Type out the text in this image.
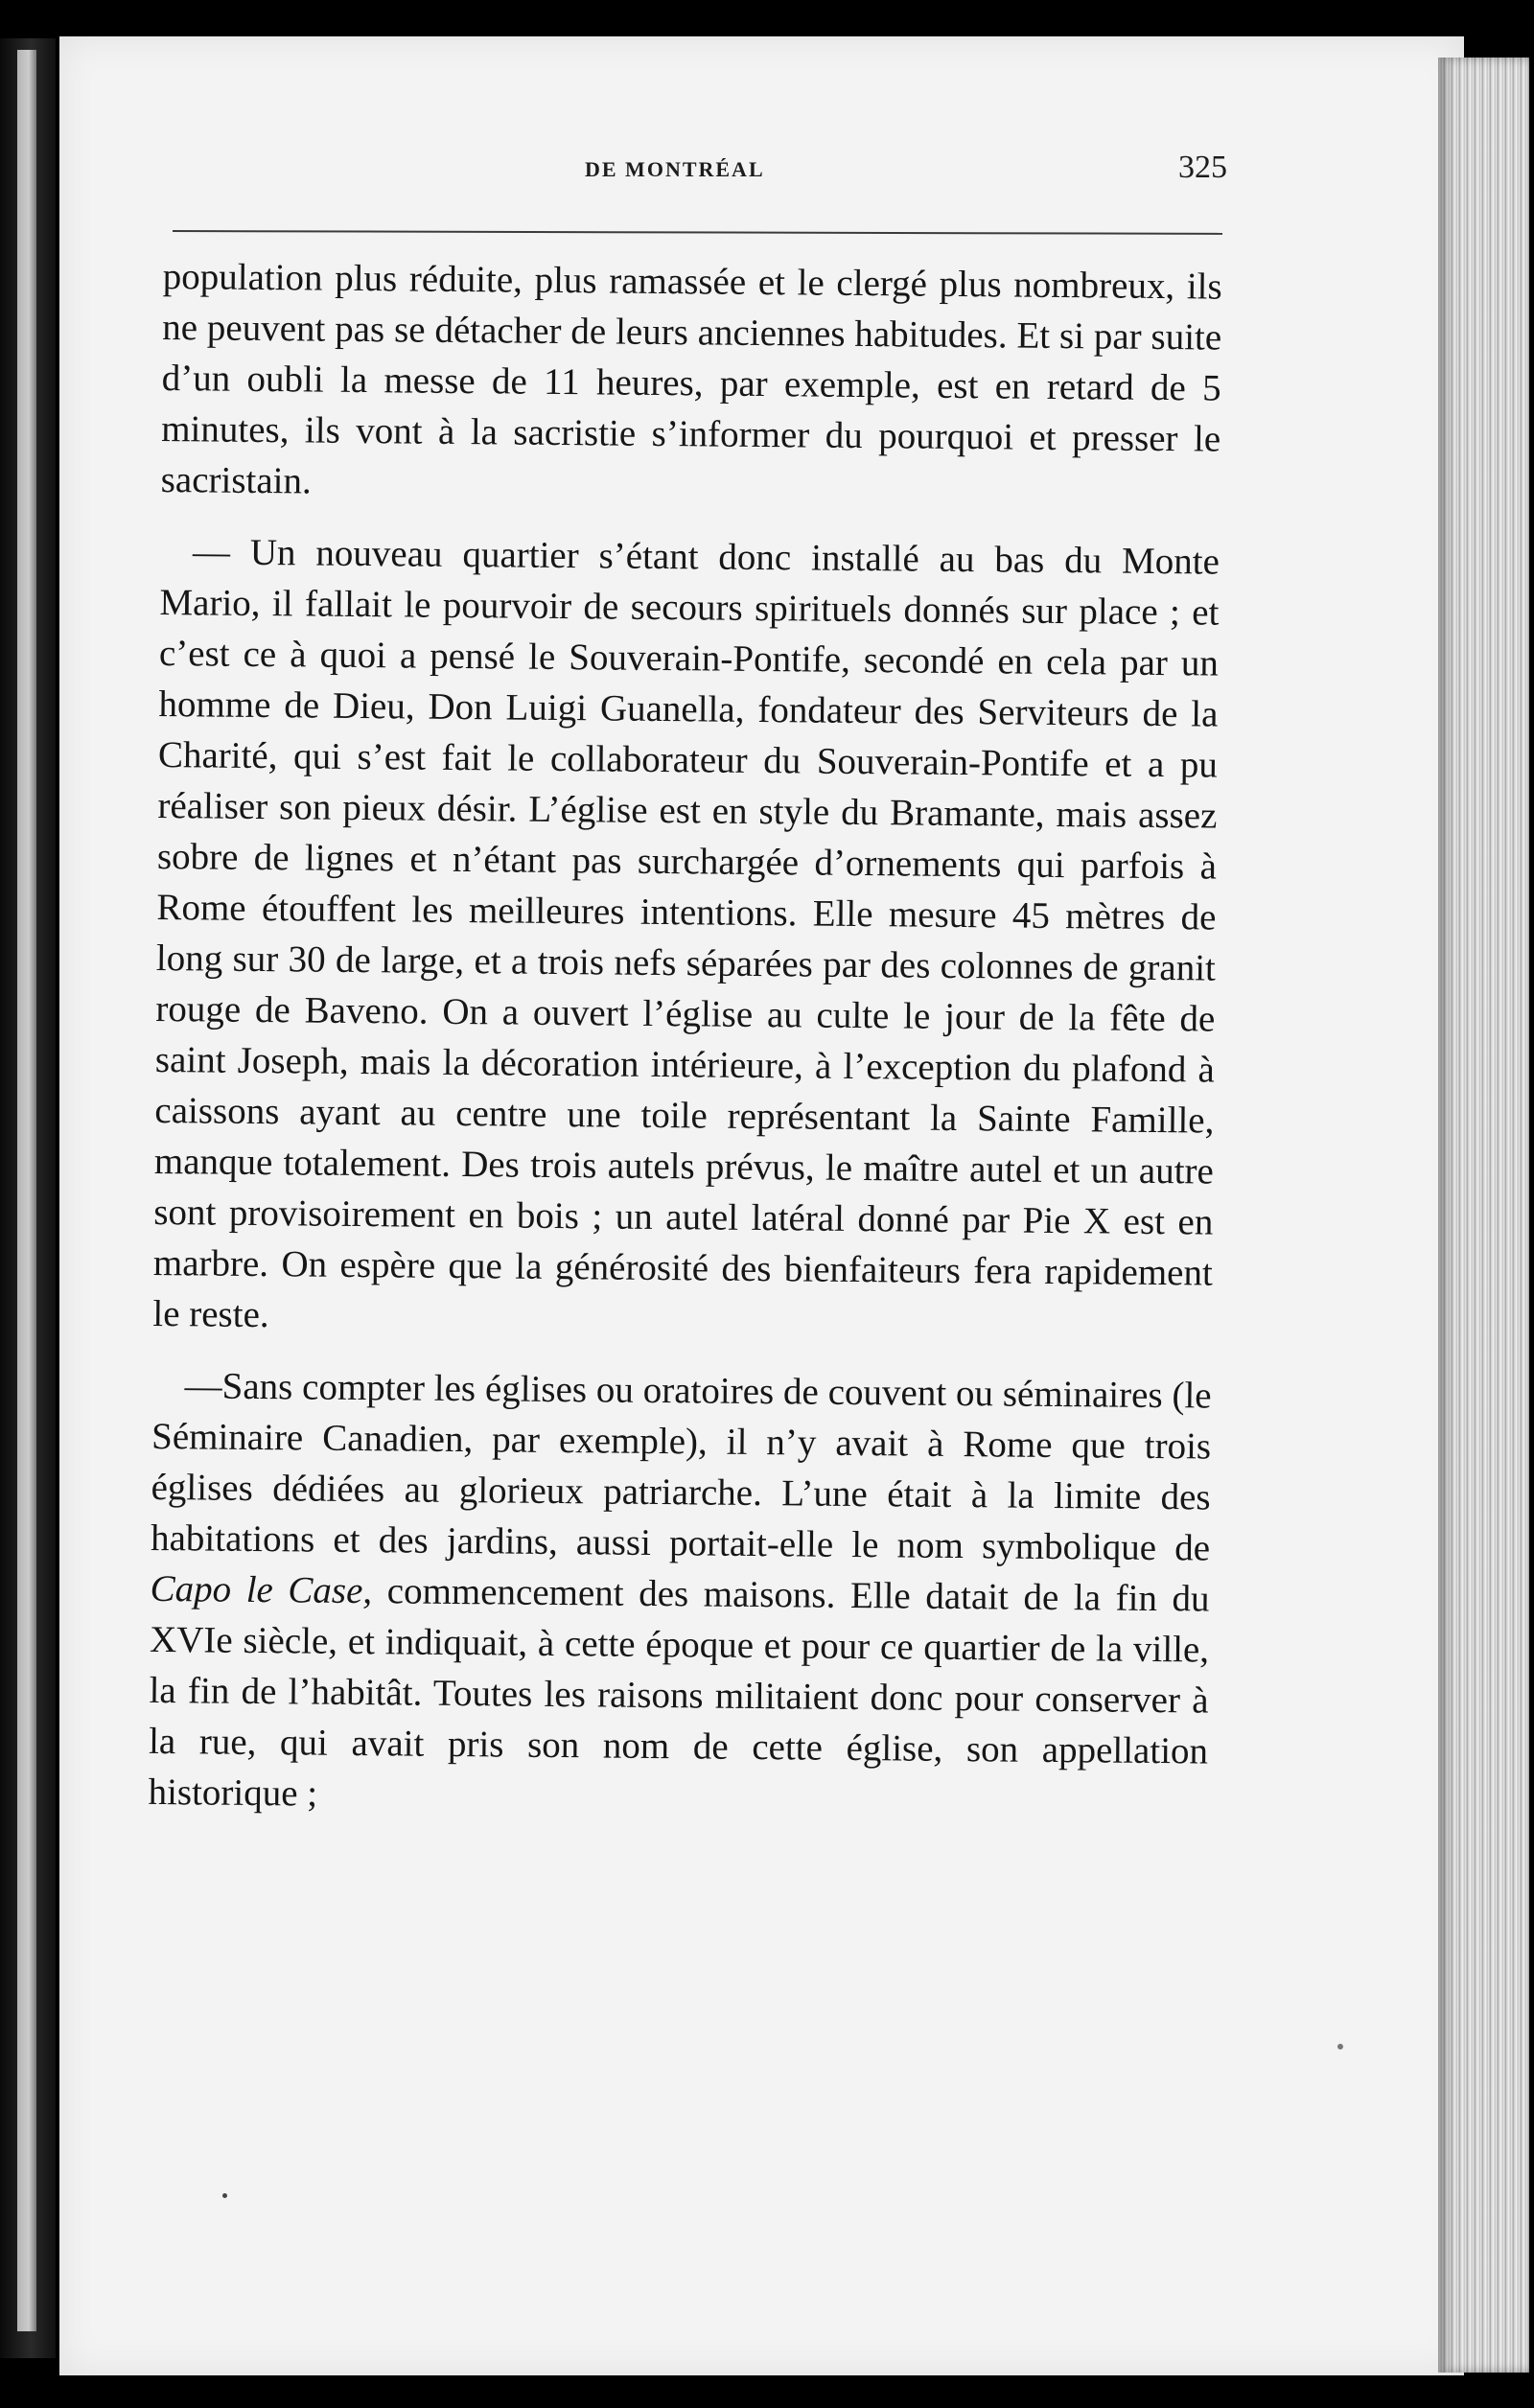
DE MONTRÉAL	325

population plus réduite, plus ramassée et le clergé plus nombreux, ils ne peuvent pas se détacher de leurs anciennes habitudes. Et si par suite d’un oubli la messe de 11 heures, par exemple, est en retard de 5 minutes, ils vont à la sacristie s’informer du pourquoi et presser le sacristain.

— Un nouveau quartier s’étant donc installé au bas du Monte Mario, il fallait le pourvoir de secours spirituels donnés sur place ; et c’est ce à quoi a pensé le Souverain-Pontife, secondé en cela par un homme de Dieu, Don Luigi Guanella, fondateur des Serviteurs de la Charité, qui s’est fait le collaborateur du Souverain-Pontife et a pu réaliser son pieux désir. L’église est en style du Bramante, mais assez sobre de lignes et n’étant pas surchargée d’ornements qui parfois à Rome étouffent les meilleures intentions. Elle mesure 45 mètres de long sur 30 de large, et a trois nefs séparées par des colonnes de granit rouge de Baveno. On a ouvert l’église au culte le jour de la fête de saint Joseph, mais la décoration intérieure, à l’exception du plafond à caissons ayant au centre une toile représentant la Sainte Famille, manque totalement. Des trois autels prévus, le maître autel et un autre sont provisoirement en bois ; un autel latéral donné par Pie X est en marbre. On espère que la générosité des bienfaiteurs fera rapidement le reste.

—Sans compter les églises ou oratoires de couvent ou séminaires (le Séminaire Canadien, par exemple), il n’y avait à Rome que trois églises dédiées au glorieux patriarche. L’une était à la limite des habitations et des jardins, aussi portait-elle le nom symbolique de Capo le Case, commencement des maisons. Elle datait de la fin du XVIe siècle, et indiquait, à cette époque et pour ce quartier de la ville, la fin de l’habitât. Toutes les raisons militaient donc pour conserver à la rue, qui avait pris son nom de cette église, son appellation historique ;
